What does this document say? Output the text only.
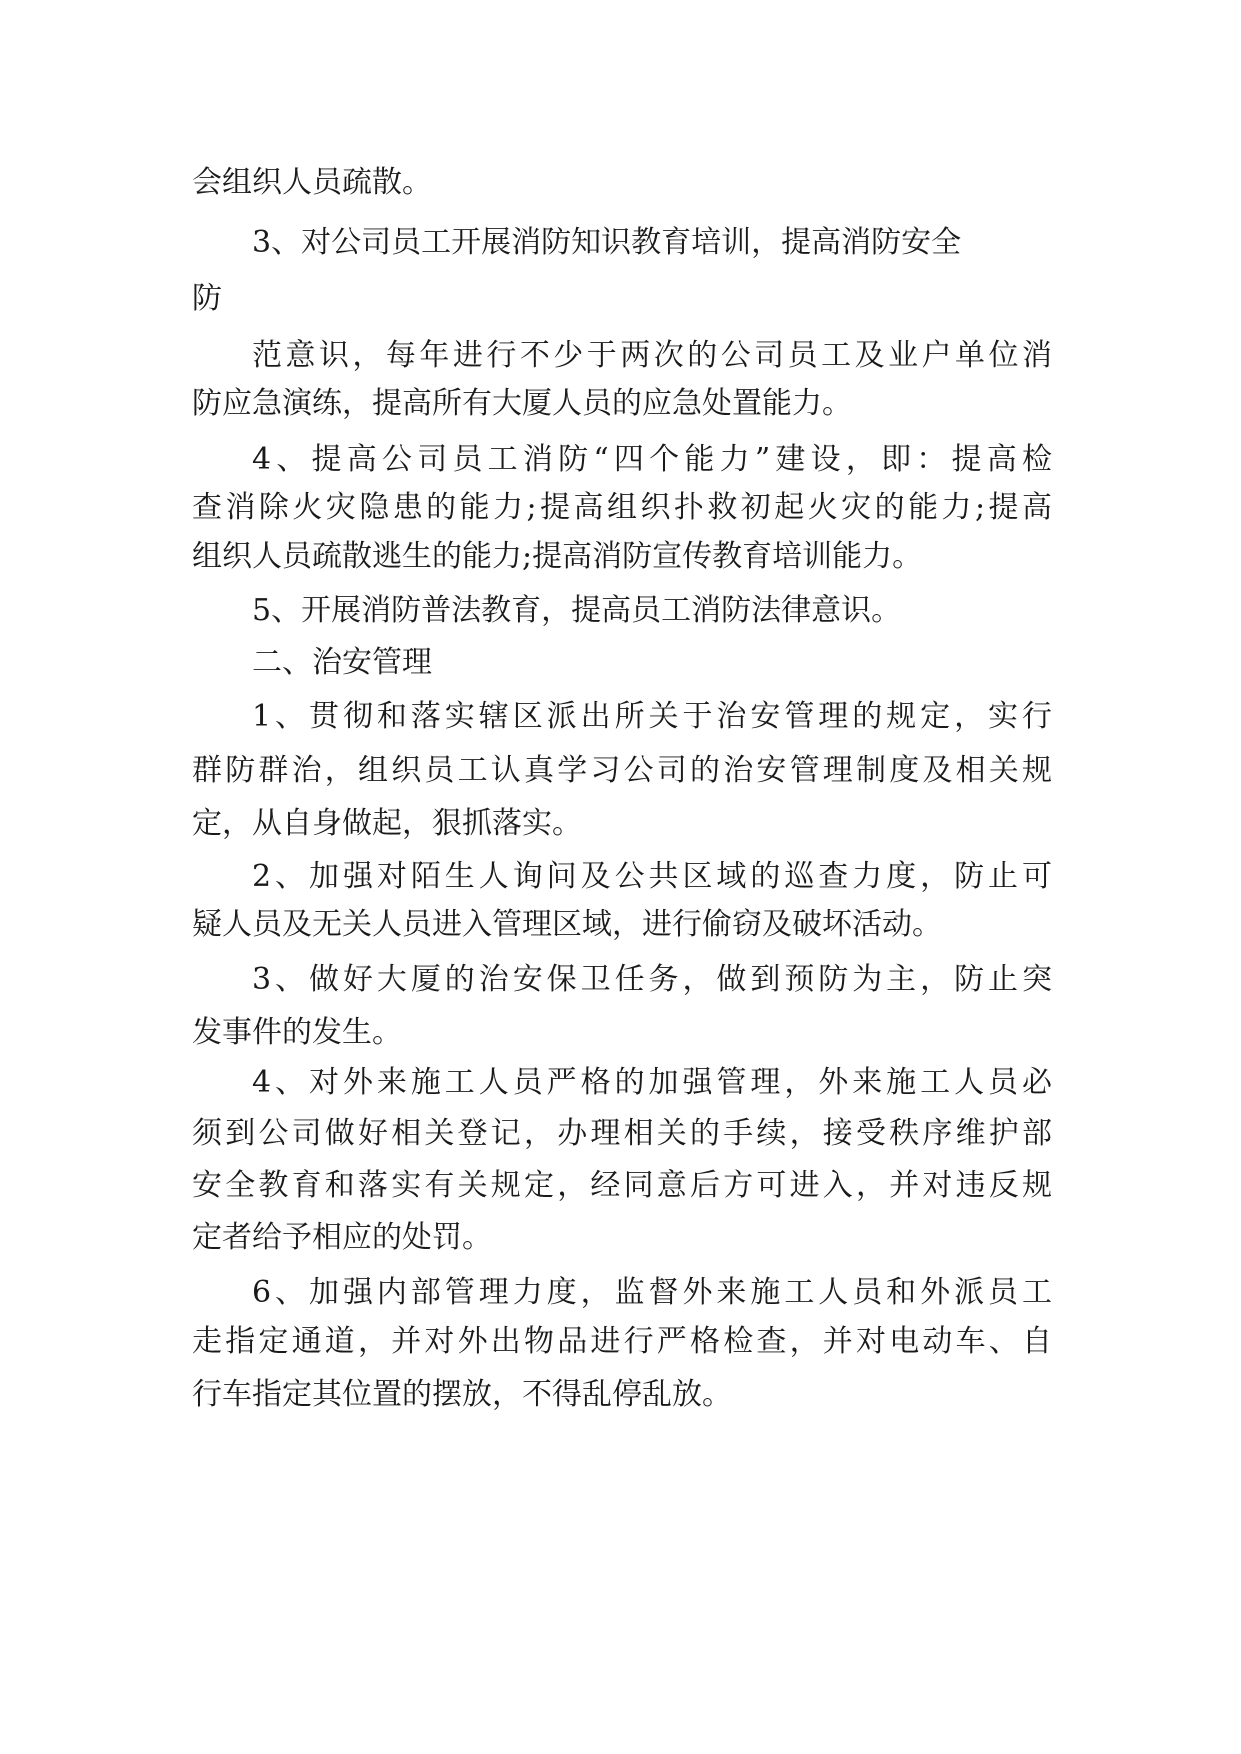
会组织人员疏散。
3、对公司员工开展消防知识教育培训，提高消防安全
防
范意识，每年进行不少于两次的公司员工及业户单位消
防应急演练，提高所有大厦人员的应急处置能力。
4、提高公司员工消防“四个能力”建设，即：提高检
查消除火灾隐患的能力;提高组织扑救初起火灾的能力;提高
组织人员疏散逃生的能力;提高消防宣传教育培训能力。
5、开展消防普法教育，提高员工消防法律意识。
二、治安管理
1、贯彻和落实辖区派出所关于治安管理的规定，实行
群防群治，组织员工认真学习公司的治安管理制度及相关规
定，从自身做起，狠抓落实。
2、加强对陌生人询问及公共区域的巡查力度，防止可
疑人员及无关人员进入管理区域，进行偷窃及破坏活动。
3、做好大厦的治安保卫任务，做到预防为主，防止突
发事件的发生。
4、对外来施工人员严格的加强管理，外来施工人员必
须到公司做好相关登记，办理相关的手续，接受秩序维护部
安全教育和落实有关规定，经同意后方可进入，并对违反规
定者给予相应的处罚。
6、加强内部管理力度，监督外来施工人员和外派员工
走指定通道，并对外出物品进行严格检查，并对电动车、自
行车指定其位置的摆放，不得乱停乱放。
